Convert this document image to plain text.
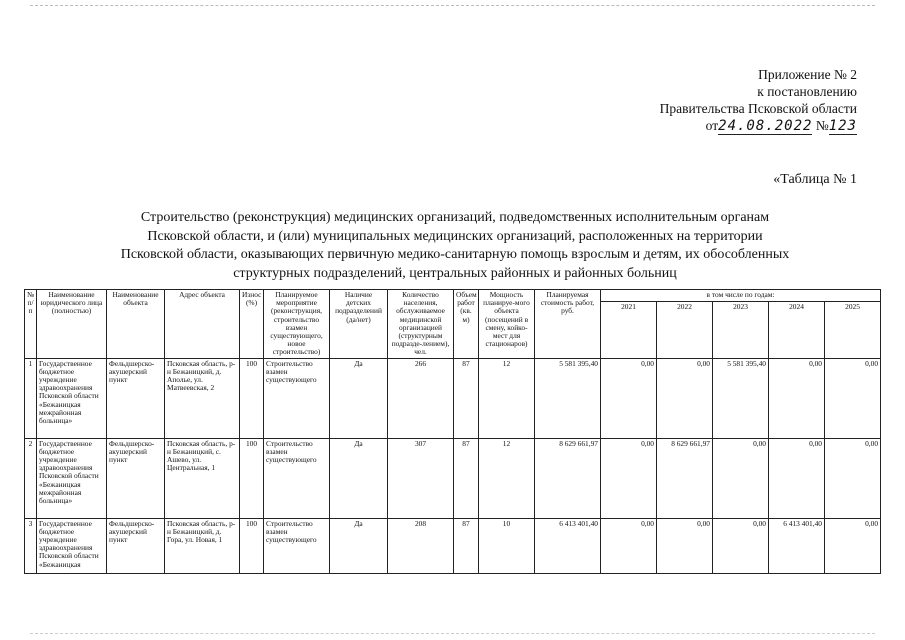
Приложение № 2
к постановлению
Правительства Псковской области
от24.08.2022 №123
«Таблица № 1
Строительство (реконструкция) медицинских организаций, подведомственных исполнительным органам
Псковской области, и (или) муниципальных медицинских организаций, расположенных на территории
Псковской области, оказывающих первичную медико-санитарную помощь взрослым и детям, их обособленных
структурных подразделений, центральных районных и районных больниц
№ п/п	Наименование юридического лица (полностью)	Наименование объекта	Адрес объекта	Износ (%)	Планируемое мероприятие (реконструкция, строительство взамен существующего, новое строительство)	Наличие детских подразделений (да/нет)	Количество населения, обслуживаемое медицинской организацией (структурным подразде-лением), чел.	Объем работ (кв. м)	Мощность планируе-мого объекта (посещений в смену, койко-мест для стационаров)	Планируемая стоимость работ, руб.	в том числе по годам:				
											2021	2022	2023	2024	2025
1	Государственное бюджетное учреждение здравоохранения Псковской области «Бежаницкая межрайонная больница»	Фельдшерско-акушерский пункт	Псковская область, р-н Бежаницкий, д. Аполье, ул. Матвеевская, 2	100	Строительство взамен существующего	Да	266	87	12	5 581 395,40	0,00	0,00	5 581 395,40	0,00	0,00
2	Государственное бюджетное учреждение здравоохранения Псковской области «Бежаницкая межрайонная больница»	Фельдшерско-акушерский пункт	Псковская область, р-н Бежаницкий, с. Ашево, ул. Центральная, 1	100	Строительство взамен существующего	Да	307	87	12	8 629 661,97	0,00	8 629 661,97	0,00	0,00	0,00
3	Государственное бюджетное учреждение здравоохранения Псковской области «Бежаницкая	Фельдшерско-акушерский пункт	Псковская область, р-н Бежаницкий, д. Гора, ул. Новая, 1	100	Строительство взамен существующего	Да	208	87	10	6 413 401,40	0,00	0,00	0,00	6 413 401,40	0,00
